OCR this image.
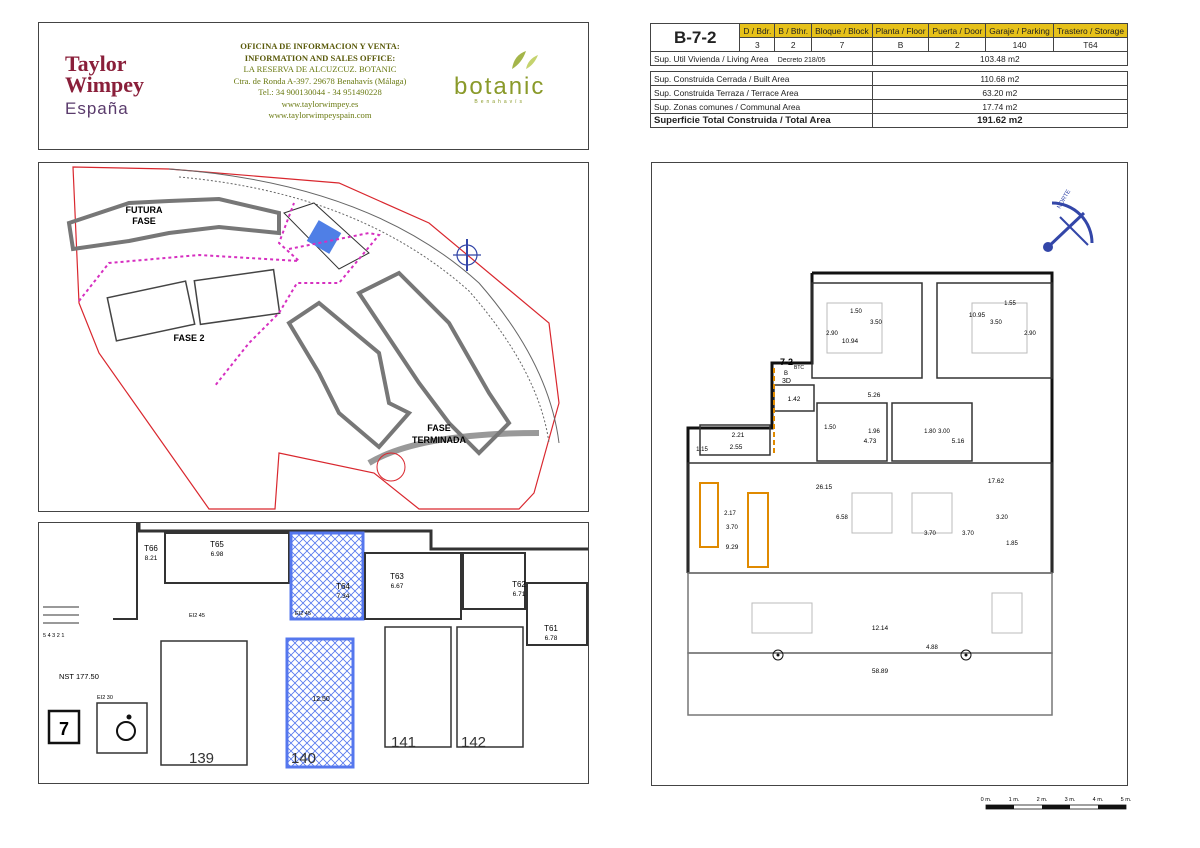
Taylor
Wimpey
España
OFICINA DE INFORMACION Y VENTA:
INFORMATION AND SALES OFFICE:
LA RESERVA DE ALCUZCUZ. BOTANIC
Ctra. de Ronda A-397. 29678 Benahavís (Málaga)
Tel.: 34 900130044 - 34 951490228
www.taylorwimpey.es
www.taylorwimpeyspain.com
botanic
Benahavís
B-7-2	D / Bdr.	B / Bthr.	Bloque / Block	Planta / Floor	Puerta / Door	Garaje / Parking	Trastero / Storage
	3	2	7	B	2	140	T64
Sup. Util Vivienda / Living Area Decreto 218/05				103.48 m2			

Sup. Construida Cerrada / Built Area				110.68 m2			
Sup. Construida Terraza / Terrace Area				63.20 m2			
Sup. Zonas comunes / Communal Area				17.74 m2			
Superficie Total Construida / Total Area				191.62 m2			
FUTURA
FASE
FASE 2
FASE
TERMINADA
T66
8.21
T65
6.98
T64
7.34
T63
6.67	T62
6.71
T61
6.78
EI2 45	EI2 45
12.50
139	140
141	142
5 4 3 2 1
NST 177.50
7
EI2 30
NORTE
7-2
B
BTC
3D
10.94
10.95
1.42
5.26
4.73	5.16
2.21
2.55
26.15
17.62
9.29
12.14
58.89
1.50
3.50
2.90
1.55
3.50
2.90
1.50
1.96	1.80 3.00
1.15
2.17
3.70
6.58
3.70	3.70
3.20
1.85
4.88
0 m.	1 m.	2 m.	3 m.	4 m.	5 m.
